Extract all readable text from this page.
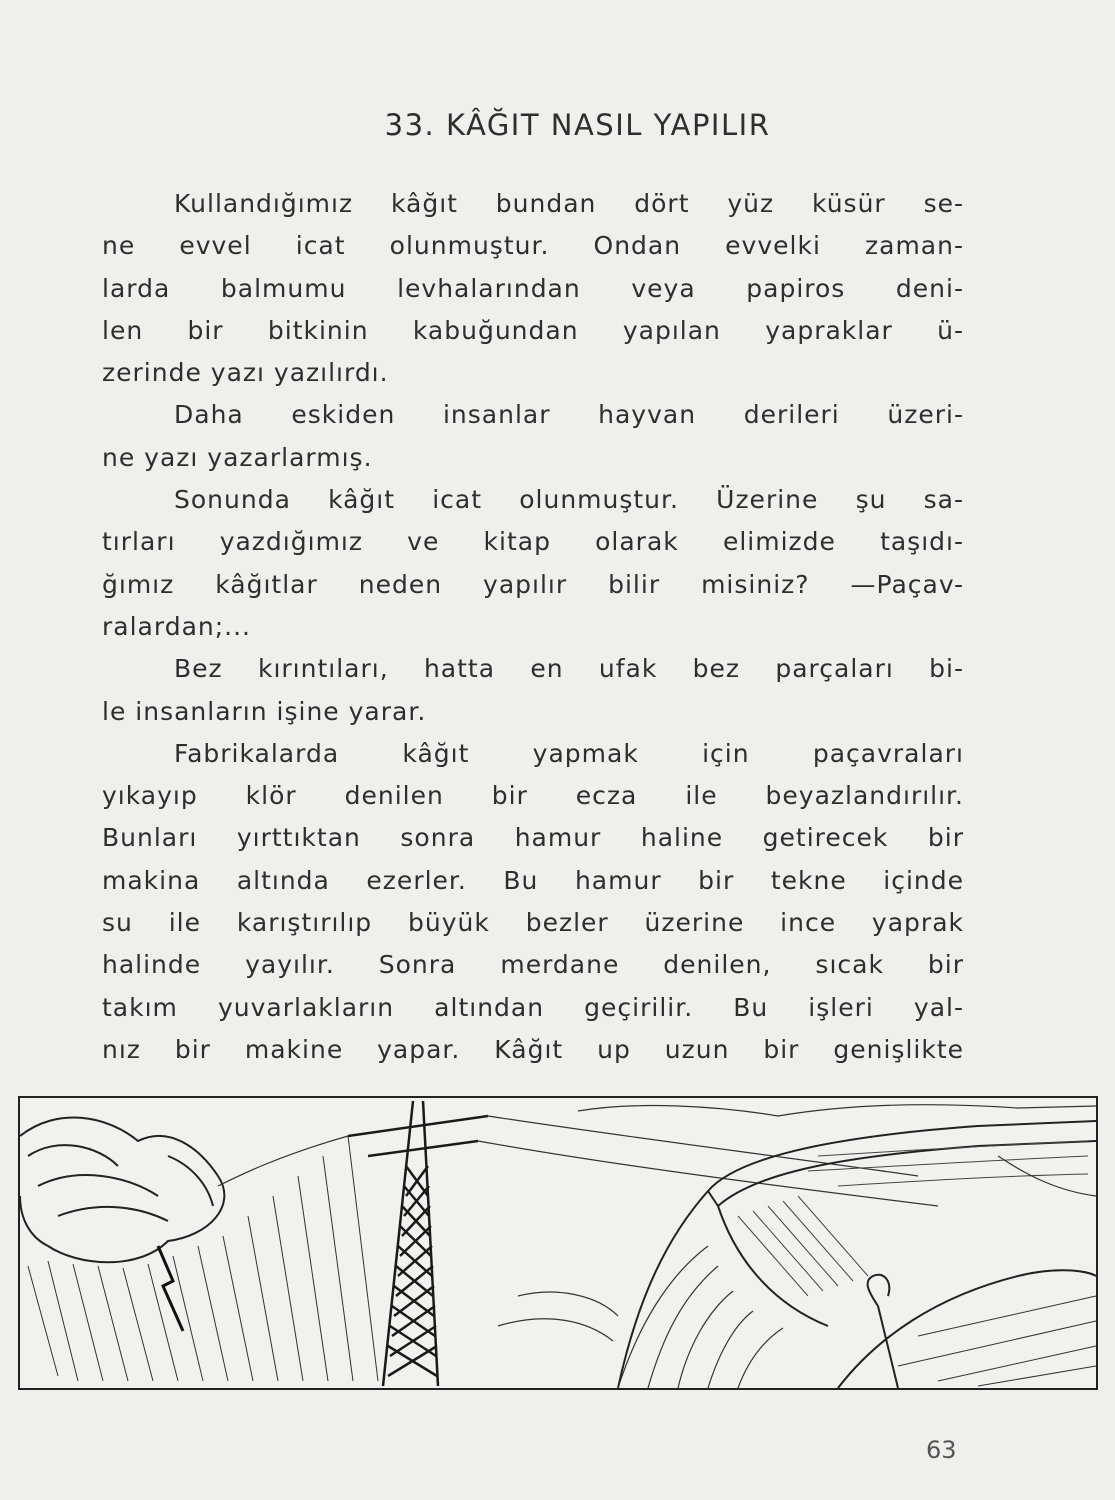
33. KÂĞIT NASIL YAPILIR
Kullandığımız kâğıt bundan dört yüz küsür se-
ne evvel icat olunmuştur. Ondan evvelki zaman-
larda balmumu levhalarından veya papiros deni-
len bir bitkinin kabuğundan yapılan yapraklar ü-
zerinde yazı yazılırdı.
Daha eskiden insanlar hayvan derileri üzeri-
ne yazı yazarlarmış.
Sonunda kâğıt icat olunmuştur. Üzerine şu sa-
tırları yazdığımız ve kitap olarak elimizde taşıdı-
ğımız kâğıtlar neden yapılır bilir misiniz? —Paçav-
ralardan;...
Bez kırıntıları, hatta en ufak bez parçaları bi-
le insanların işine yarar.
Fabrikalarda kâğıt yapmak için paçavraları
yıkayıp klör denilen bir ecza ile beyazlandırılır.
Bunları yırttıktan sonra hamur haline getirecek bir
makina altında ezerler. Bu hamur bir tekne içinde
su ile karıştırılıp büyük bezler üzerine ince yaprak
halinde yayılır. Sonra merdane denilen, sıcak bir
takım yuvarlakların altından geçirilir. Bu işleri yal-
nız bir makine yapar. Kâğıt up uzun bir genişlikte
63
